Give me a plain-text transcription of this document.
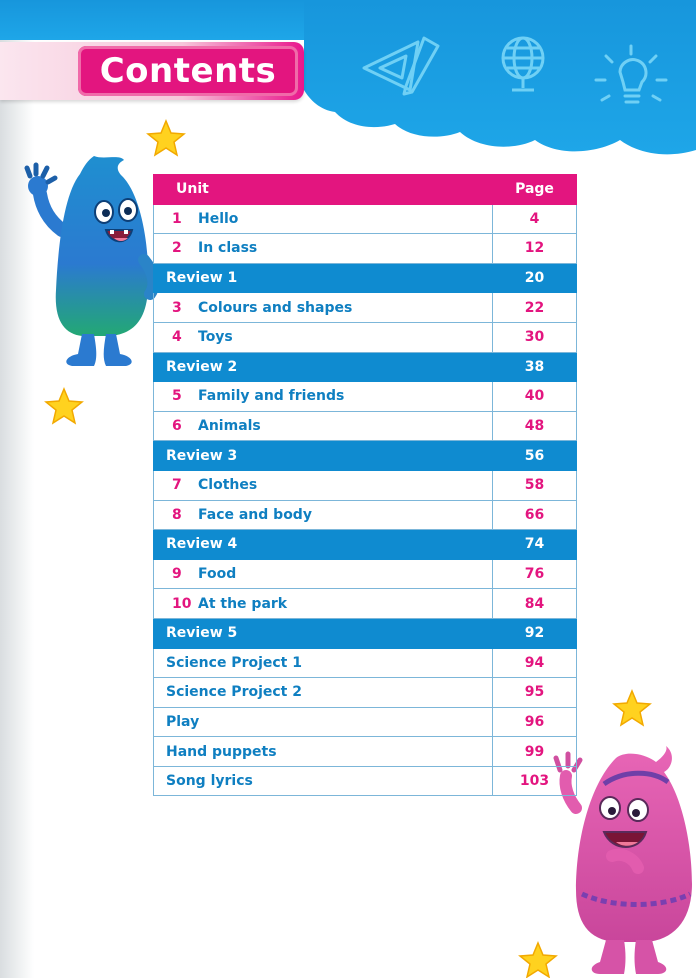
Contents
Unit	Page
1 Hello	4
2 In class	12
Review 1	20
3 Colours and shapes	22
4 Toys	30
Review 2	38
5 Family and friends	40
6 Animals	48
Review 3	56
7 Clothes	58
8 Face and body	66
Review 4	74
9 Food	76
10 At the park	84
Review 5	92
Science Project 1	94
Science Project 2	95
Play	96
Hand puppets	99
Song lyrics	103
